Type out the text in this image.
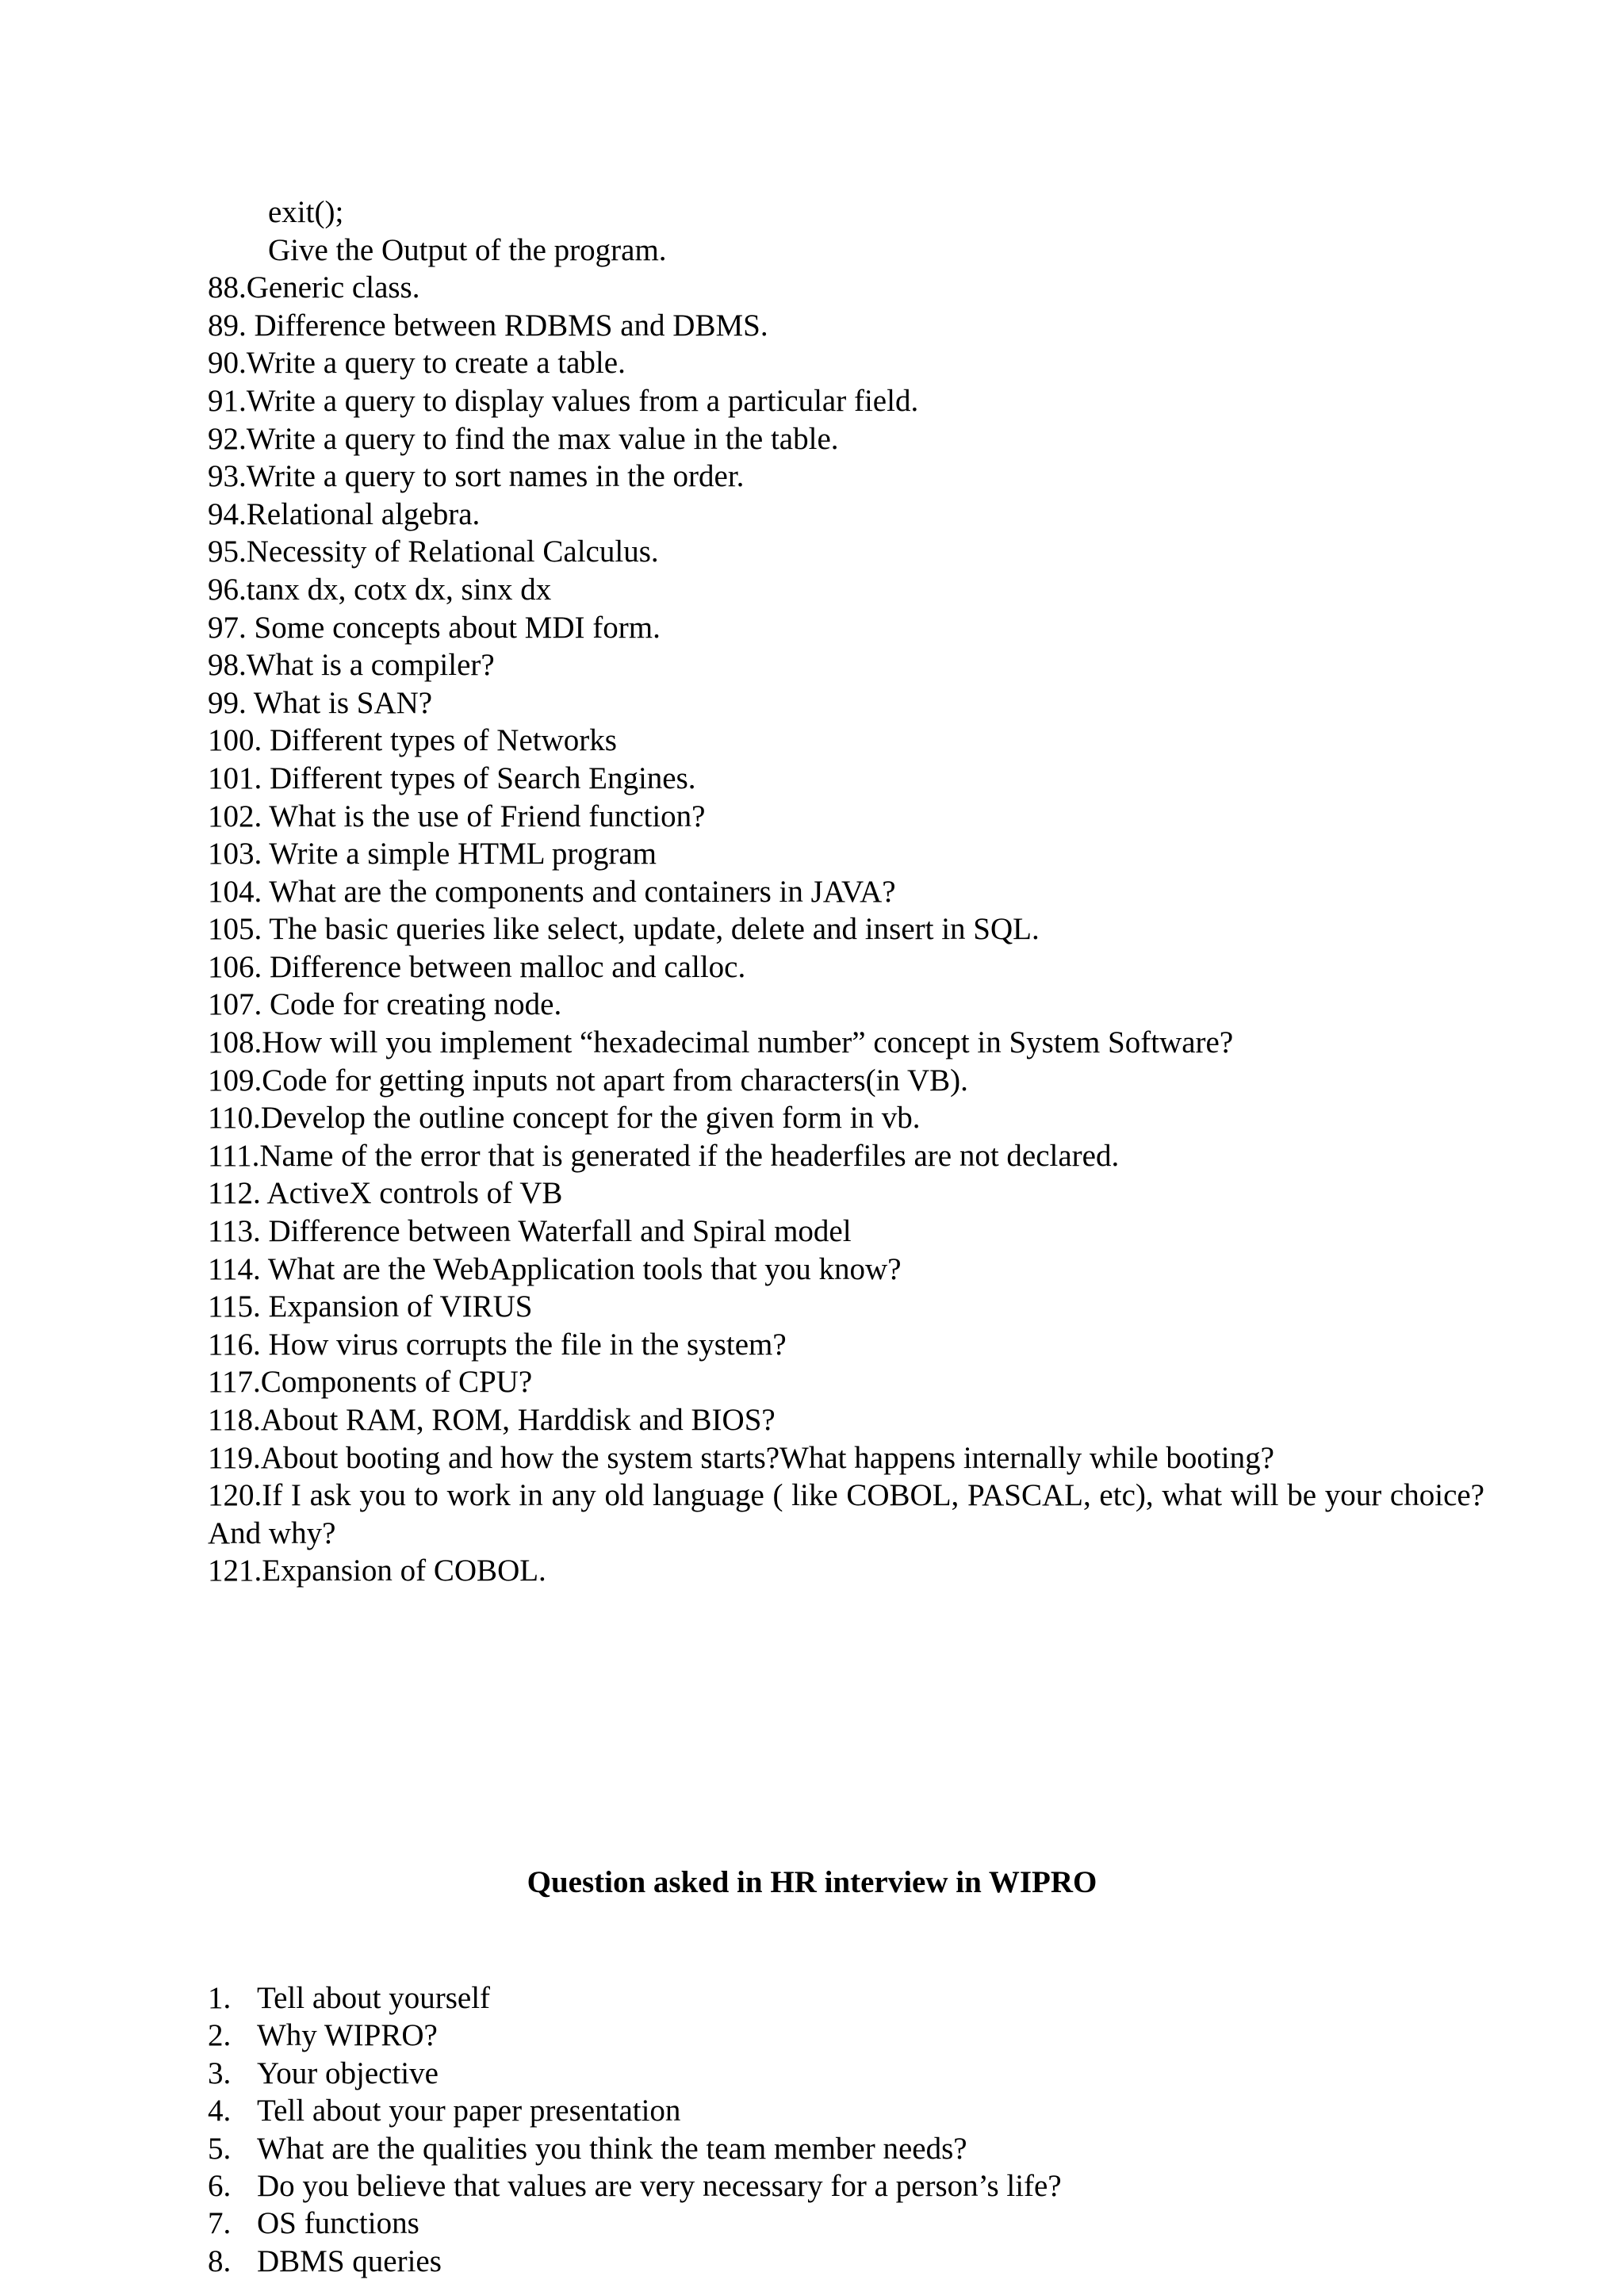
exit();
Give the Output of the program.
88.Generic class.
89. Difference between RDBMS and DBMS.
90.Write a query to create a table.
91.Write a query to display values from a particular field.
92.Write a query to find the max value in the table.
93.Write a query to sort names in the order.
94.Relational algebra.
95.Necessity of Relational Calculus.
96.tanx dx, cotx dx, sinx dx
97. Some concepts about MDI form.
98.What is a compiler?
99. What is SAN?
100. Different types of Networks
101. Different types of Search Engines.
102. What is the use of Friend function?
103. Write a simple HTML program
104. What are the components and containers in JAVA?
105. The basic queries like select, update, delete and insert in SQL.
106. Difference between malloc and calloc.
107. Code for creating node.
108.How will you implement “hexadecimal number” concept in System Software?
109.Code for getting inputs not apart from characters(in VB).
110.Develop the outline concept for the given form in vb.
111.Name of the error that is generated if the headerfiles are not declared.
112. ActiveX controls of VB
113. Difference between Waterfall and Spiral model
114. What are the WebApplication tools that you know?
115. Expansion of VIRUS
116. How virus corrupts the file in the system?
117.Components of CPU?
118.About RAM, ROM, Harddisk and BIOS?
119.About booting and how the system starts?What happens internally while booting?
120.If I ask you to work in any old language ( like COBOL, PASCAL, etc), what will be your choice? And why?
121.Expansion of COBOL.
Question asked in HR interview in WIPRO
1. Tell about yourself
2. Why WIPRO?
3. Your objective
4. Tell about your paper presentation
5. What are the qualities you think the team member needs?
6. Do you believe that values are very necessary for a person’s life?
7. OS functions
8. DBMS queries
